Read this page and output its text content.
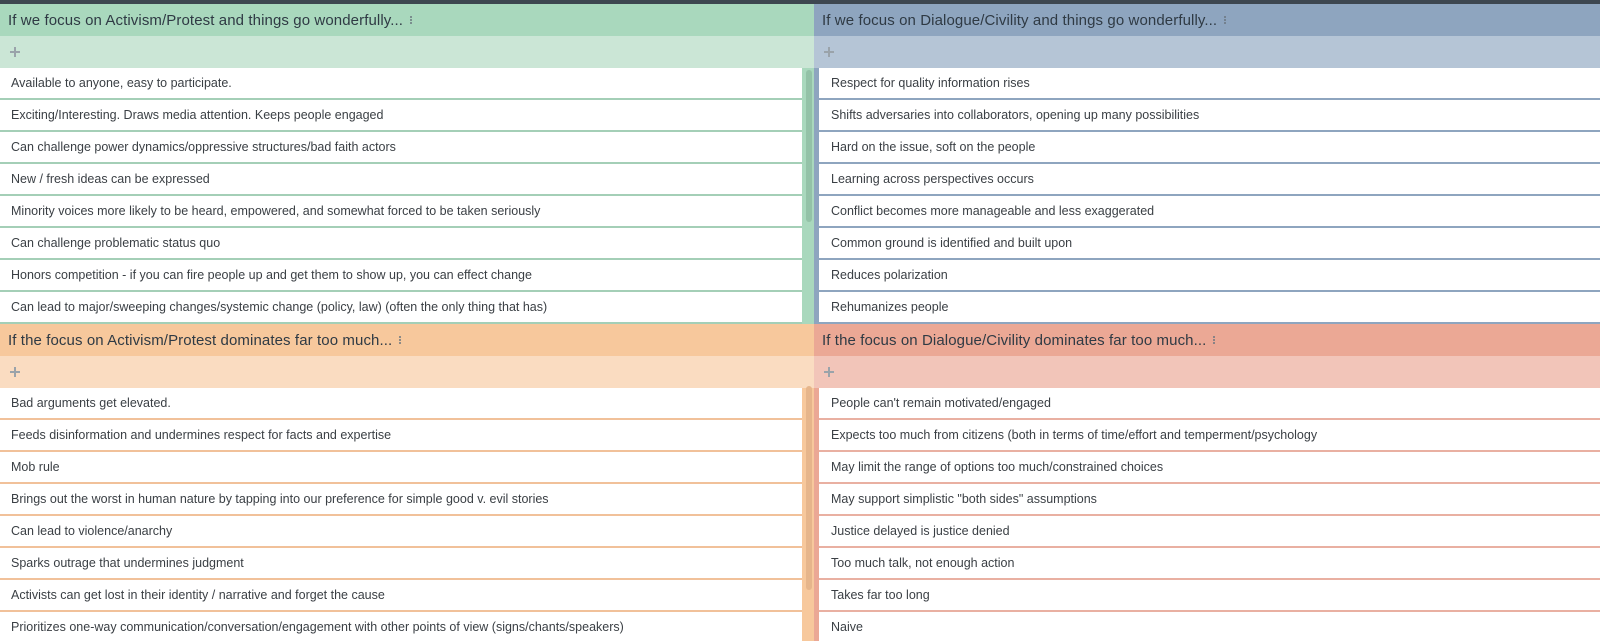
If we focus on Activism/Protest and things go wonderfully...
Available to anyone, easy to participate.
Exciting/Interesting. Draws media attention. Keeps people engaged
Can challenge power dynamics/oppressive structures/bad faith actors
New / fresh ideas can be expressed
Minority voices more likely to be heard, empowered, and somewhat forced to be taken seriously
Can challenge problematic status quo
Honors competition - if you can fire people up and get them to show up, you can effect change
Can lead to major/sweeping changes/systemic change (policy, law) (often the only thing that has)
If we focus on Dialogue/Civility and things go wonderfully...
Respect for quality information rises
Shifts adversaries into collaborators, opening up many possibilities
Hard on the issue, soft on the people
Learning across perspectives occurs
Conflict becomes more manageable and less exaggerated
Common ground is identified and built upon
Reduces polarization
Rehumanizes people
If the focus on Activism/Protest dominates far too much...
Bad arguments get elevated.
Feeds disinformation and undermines respect for facts and expertise
Mob rule
Brings out the worst in human nature by tapping into our preference for simple good v. evil stories
Can lead to violence/anarchy
Sparks outrage that undermines judgment
Activists can get lost in their identity / narrative and forget the cause
Prioritizes one-way communication/conversation/engagement with other points of view (signs/chants/speakers)
If the focus on Dialogue/Civility dominates far too much...
People can't remain motivated/engaged
Expects too much from citizens (both in terms of time/effort and temperment/psychology
May limit the range of options too much/constrained choices
May support simplistic "both sides" assumptions
Justice delayed is justice denied
Too much talk, not enough action
Takes far too long
Naive
